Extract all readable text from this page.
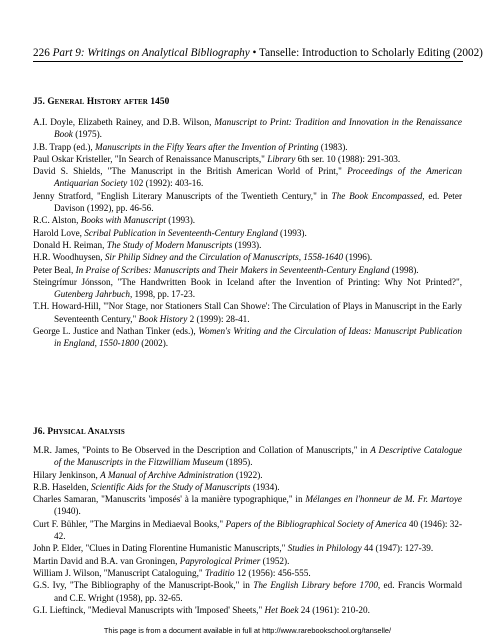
226 Part 9: Writings on Analytical Bibliography • Tanselle: Introduction to Scholarly Editing (2002)
J5. General History after 1450

A.I. Doyle, Elizabeth Rainey, and D.B. Wilson, Manuscript to Print: Tradition and Innovation in the Renaissance Book (1975).

J.B. Trapp (ed.), Manuscripts in the Fifty Years after the Invention of Printing (1983).

Paul Oskar Kristeller, "In Search of Renaissance Manuscripts," Library 6th ser. 10 (1988): 291-303.

David S. Shields, "The Manuscript in the British American World of Print," Proceedings of the American Antiquarian Society 102 (1992): 403-16.

Jenny Stratford, "English Literary Manuscripts of the Twentieth Century," in The Book Encompassed, ed. Peter Davison (1992), pp. 46-56.

R.C. Alston, Books with Manuscript (1993).

Harold Love, Scribal Publication in Seventeenth-Century England (1993).

Donald H. Reiman, The Study of Modern Manuscripts (1993).

H.R. Woodhuysen, Sir Philip Sidney and the Circulation of Manuscripts, 1558-1640 (1996).

Peter Beal, In Praise of Scribes: Manuscripts and Their Makers in Seventeenth-Century England (1998).

Steingrímur Jónsson, "The Handwritten Book in Iceland after the Invention of Printing: Why Not Printed?", Gutenberg Jahrbuch, 1998, pp. 17-23.

T.H. Howard-Hill, "'Nor Stage, nor Stationers Stall Can Showe': The Circulation of Plays in Manuscript in the Early Seventeenth Century," Book History 2 (1999): 28-41.

George L. Justice and Nathan Tinker (eds.), Women's Writing and the Circulation of Ideas: Manuscript Publication in England, 1550-1800 (2002).

J6. Physical Analysis

M.R. James, "Points to Be Observed in the Description and Collation of Manuscripts," in A Descriptive Catalogue of the Manuscripts in the Fitzwilliam Museum (1895).

Hilary Jenkinson, A Manual of Archive Administration (1922).

R.B. Haselden, Scientific Aids for the Study of Manuscripts (1934).

Charles Samaran, "Manuscrits 'imposés' à la manière typographique," in Mélanges en l'honneur de M. Fr. Martoye (1940).

Curt F. Bühler, "The Margins in Mediaeval Books," Papers of the Bibliographical Society of America 40 (1946): 32-42.

John P. Elder, "Clues in Dating Florentine Humanistic Manuscripts," Studies in Philology 44 (1947): 127-39.

Martin David and B.A. van Groningen, Papyrological Primer (1952).

William J. Wilson, "Manuscript Cataloguing," Traditio 12 (1956): 456-555.

G.S. Ivy, "The Bibliography of the Manuscript-Book," in The English Library before 1700, ed. Francis Wormald and C.E. Wright (1958), pp. 32-65.

G.I. Lieftinck, "Medieval Manuscripts with 'Imposed' Sheets," Het Boek 24 (1961): 210-20.

This page is from a document available in full at http://www.rarebookschool.org/tanselle/
